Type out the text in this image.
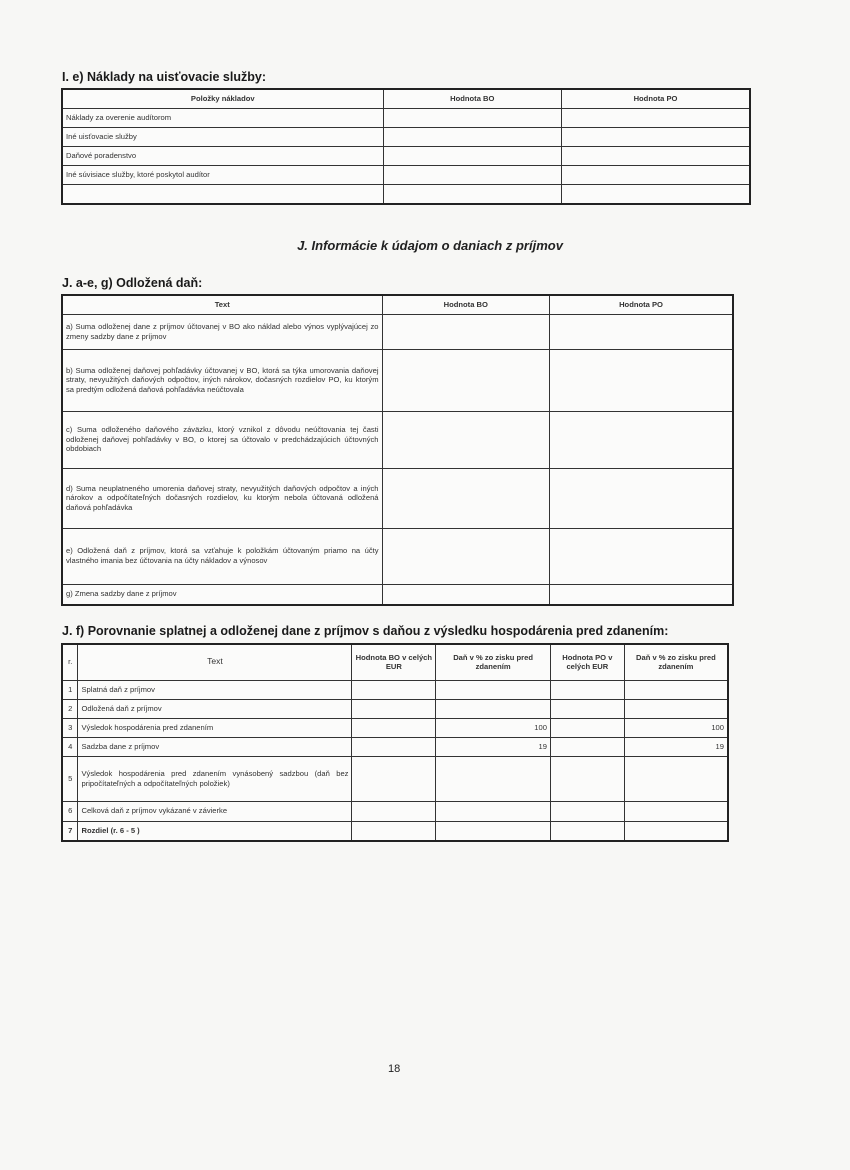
I. e) Náklady na uisťovacie služby:
Položky nákladov	Hodnota BO	Hodnota PO
Náklady za overenie audítorom		
Iné uisťovacie služby		
Daňové poradenstvo		
Iné súvisiace služby, ktoré poskytol audítor		

J. Informácie k údajom o daniach z príjmov
J. a-e, g) Odložená daň:
Text	Hodnota BO	Hodnota PO
a) Suma odloženej dane z príjmov účtovanej v BO ako náklad alebo výnos vyplývajúcej zo zmeny sadzby dane z príjmov		
b) Suma odloženej daňovej pohľadávky účtovanej v BO, ktorá sa týka umorovania daňovej straty, nevyužitých daňových odpočtov, iných nárokov, dočasných rozdielov PO, ku ktorým sa predtým odložená daňová pohľadávka neúčtovala		
c) Suma odloženého daňového záväzku, ktorý vznikol z dôvodu neúčtovania tej časti odloženej daňovej pohľadávky v BO, o ktorej sa účtovalo v predchádzajúcich účtovných obdobiach		
d) Suma neuplatneného umorenia daňovej straty, nevyužitých daňových odpočtov a iných nárokov a odpočítateľných dočasných rozdielov, ku ktorým nebola účtovaná odložená daňová pohľadávka		
e) Odložená daň z príjmov, ktorá sa vzťahuje k položkám účtovaným priamo na účty vlastného imania bez účtovania na účty nákladov a výnosov		
g) Zmena sadzby dane z príjmov		
J. f) Porovnanie splatnej a odloženej dane z príjmov s daňou z výsledku hospodárenia pred zdanením:
r.	Text	Hodnota BO v celých EUR	Daň v % zo zisku pred zdanením	Hodnota PO v celých EUR	Daň v % zo zisku pred zdanením
1	Splatná daň z príjmov				
2	Odložená daň z príjmov				
3	Výsledok hospodárenia pred zdanením		100		100
4	Sadzba dane z príjmov		19		19
5	Výsledok hospodárenia pred zdanením vynásobený sadzbou (daň bez pripočítateľných a odpočítateľných položiek)				
6	Celková daň z príjmov vykázané v závierke				
7	Rozdiel (r. 6 - 5 )				
18
